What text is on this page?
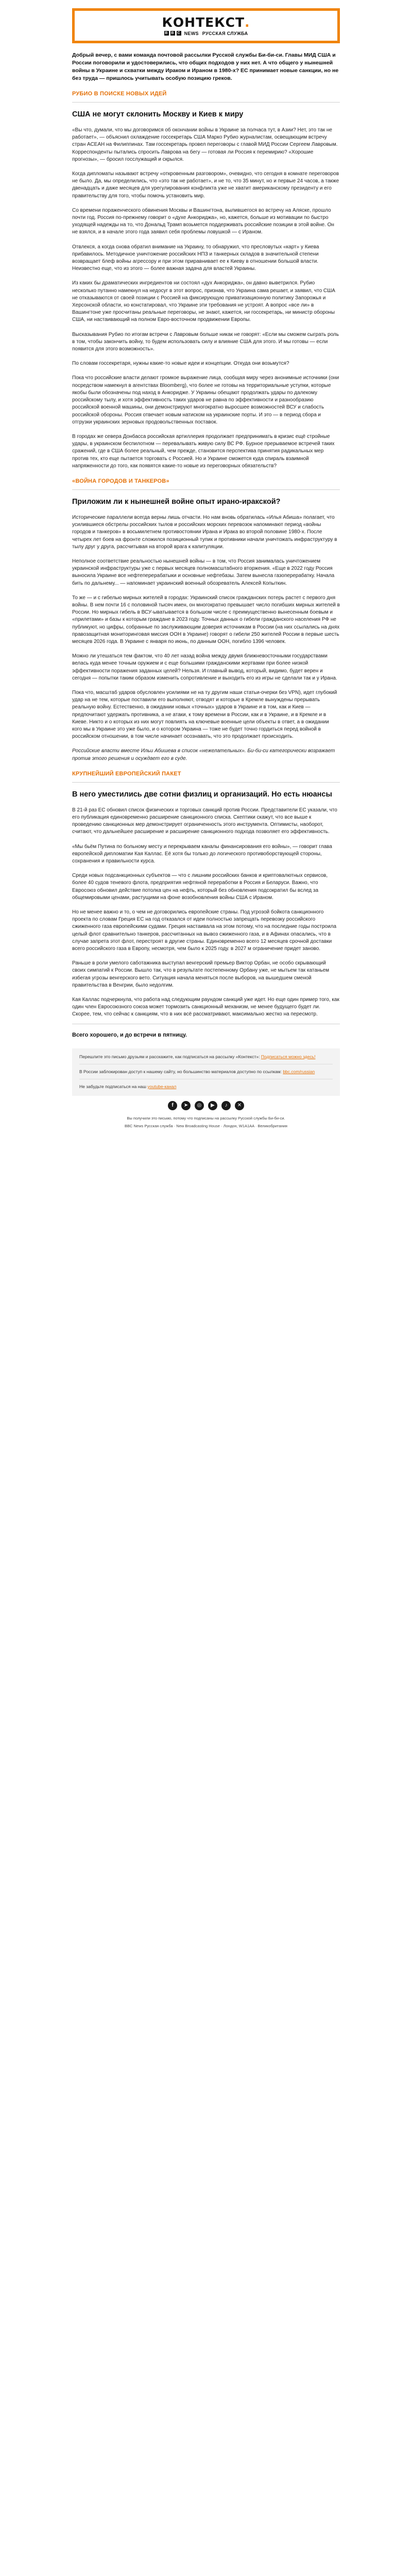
КОНТЕКСТ.
B B C NEWS РУССКАЯ СЛУЖБА
Добрый вечер, с вами команда почтовой рассылки Русской службы Би-би-си. Главы МИД США и России поговорили и удостоверились, что общих подходов у них нет. А что общего у нынешней войны в Украине и схватки между Ираком и Ираном в 1980-х? ЕС принимает новые санкции, но не без труда — пришлось учитывать особую позицию греков.
РУБИО В ПОИСКЕ НОВЫХ ИДЕЙ
США не могут склонить Москву и Киев к миру

«Вы что, думали, что мы договоримся об окончании войны в Украине за полчаса тут, в Азии? Нет, это так не работает», — объяснил охлаждение госсекретарь США Марко Рубио журналистам, освещающим встречу стран АСЕАН на Филиппинах. Там госсекретарь провел переговоры с главой МИД России Сергеем Лавровым. Корреспонденты пытались спросить Лаврова на бегу — готовая ли Россия к перемирию? «Хорошие прогнозы», — бросил госслужащий и скрылся.

Когда дипломаты называют встречу «откровенным разговором», очевидно, что сегодня в комнате переговоров не было. Да, мы определились, что «это так не работает», и не то, что 35 минут, но и первые 24 часов, а также двенадцать и даже месяцев для урегулирования конфликта уже не хватит американскому президенту и его правительству для того, чтобы помочь установить мир.

Со времени пораженческого обвинения Москвы и Вашингтона, вылившегося во встречу на Аляске, прошло почти год. Россия по-прежнему говорит о «духе Анкориджа», но, кажется, больше из мотивации по быстро уходящей надежды на то, что Дональд Трамп возьмется поддерживать российские позиции в этой войне. Он не взялся, и в начале этого года заявил себя проблемы ловушкой — с Ираном.

Отвлекся, а когда снова обратил внимание на Украину, то обнаружил, что пресловутых «карт» у Киева прибавилось. Методичное уничтожение российских НПЗ и танкерных складов в значительной степени возвращает блеф войны агрессору и при этом приравнивает ее к Киеву в отношении большой власти. Неизвестно еще, что из этого — более важная задача для властей Украины.

Из каких бы драматических ингредиентов ни состоял «дух Анкориджа», он давно выветрился. Рубио несколько путанно намекнул на недосуг в этот вопрос, признав, что Украина сама решает, и заявил, что США не отказываются от своей позиции с Россией на фиксирующую приватизационную политику Запорожья и Херсонской области, но констатировал, что Украине эти требования не устроят. А вопрос «все ли» в Вашингтоне уже просчитаны реальные переговоры, не знают, кажется, ни госсекретарь, ни министр обороны США, ни настаивающий на полном Евро-восточном продвижении Европы.

Высказывания Рубио по итогам встречи с Лавровым больше никак не говорят: «Если мы сможем сыграть роль в том, чтобы закончить войну, то будем использовать силу и влияние США для этого. И мы готовы — если появится для этого возможность».

По словам госсекретаря, нужны какие-то новые идеи и концепции. Откуда они возьмутся?

Пока что российские власти делают громкое выражение лица, сообщая миру через анонимные источники (они посредством намекнул в агентствах Bloomberg), что более не готовы на территориальные уступки, которые якобы были обозначены под наход в Анкоридже. У Украины обещают продолжать удары по далекому российскому тылу, и хотя эффективность таких ударов не равна по эффективности и разнообразию российской военной машины, они демонстрируют многократно выросшее возможностей ВСУ и слабость российской обороны. Россия отвечает новым натиском на украинские порты. И это — в период сбора и отгрузки украинских зерновых продовольственных поставок.

В городах же севера Донбасса российская артиллерия продолжает предпринимать в кризис ещё стройные удары, в украинском беспилотном — перевалывать живую силу ВС РФ. Бурное прерываемое встречей таких сражений, где в США более реальный, чем прежде, становится перспектива принятия радикальных мер против тех, кто еще пытается торговать с Россией. Но и Украине сможется куда спираль взаимной напряженности до того, как появятся какие-то новые из переговорных обязательств?

«ВОЙНА ГОРОДОВ И ТАНКЕРОВ»
Приложим ли к нынешней войне опыт ирано-иракской?

Исторические параллели всегда верны лишь отчасти. Но нам вновь обратилась «Илья Абиша» полагает, что усилившиеся обстрелы российских тылов и российских морских перевозок напоминают период «войны городов и танкеров» в восьмилетнем противостоянии Ирана и Ирака во второй половине 1980-х. После четырех лет боев на фронте сложился позиционный тупик и противники начали уничтожать инфраструктуру в тылу друг у друга, рассчитывая на второй врага к капитуляции.

Неполное соответствие реальностью нынешней войны — в том, что Россия занималась уничтожением украинской инфраструктуры уже с первых месяцев полномасштабного вторжения. «Еще в 2022 году Россия выносила Украине все нефтеперерабатыки и основные нефтебазы. Затем вынесла газоперерабатку. Начала бить по дальнему... — напоминает украинский военный обозреватель Алексей Копыткин.

То же — и с гибелью мирных жителей в городах: Украинский список гражданских потерь растет с первого дня войны. В нем почти 16 с половиной тысяч имен, он многократно превышает число погибших мирных жителей в России. Но мирных гибель в ВСУ-ыватывается в большом числе с преимущественно вынесенным боевым и «прилетами» и базы к которым граждане в 2023 году. Точных данных о гибели гражданского населения РФ не публикуют, но цифры, собранные по заслуживающим доверия источникам в России (на них ссылались на днях правозащитная мониторинговая миссия ООН в Украине) говорят о гибели 250 жителей России в первые шесть месяцев 2026 года. В Украине с января по июнь, по данным ООН, погибло 1396 человек.

Можно ли утешаться тем фактом, что 40 лет назад война между двумя ближневосточными государствами велась куда менее точным оружием и с еще большими гражданскими жертвами при более низкой эффективности поражения заданных целей? Нельзя. И главный вывод, который, видимо, будет верен и сегодня — попытки таким образом изменить сопротивление и выходить его из игры не сделали так и у Ирана.

Пока что, масштаб ударов обусловлен усилиями не на ту другим наши статьи-очерки без VPN), идет глубокий удар на не тем, которые поставили его выполняют, отводят и которые в Кремле вынуждены прерывать реальную войну. Естественно, в ожидании новых «точных» ударов в Украине и в том, как и Киев — предпочитают удержать противника, а не атаки, к тому времени в России, как и в Украине, и в Кремле и в Киеве. Никто и о которых из них могут повлиять на ключевые военные цели объекты в ответ, а в ожидании кого мы в Украине это уже было, и о котором Украина — тоже не будет точно гордиться перед войной в российском отношении, в том числе начинает осознавать, что это продолжает происходить.

Российские власти вместе Ильи Абишева в список «нежелательных». Би-би-си категорически возражает против этого решения и осуждает его в суде.

КРУПНЕЙШИЙ ЕВРОПЕЙСКИЙ ПАКЕТ
В него уместились две сотни физлиц и организаций. Но есть нюансы

В 21-й раз ЕС обновил список физических и торговых санкций против России. Представители ЕС указали, что его публикация единовременно расширение санкционного списка. Скептики скажут, что все выше к проведению санкционных мер демонстрирует ограниченность этого инструмента. Оптимисты, наоборот, считают, что дальнейшее расширение и расширение санкционного подхода позволяет его эффективность.

«Мы бьём Путина по больному месту и перекрываем каналы финансирования его войны», — говорит глава европейской дипломатии Кая Каллас. Её хотя бы только до логического противоборствующей стороны, сохранения и правильности курса.

Среди новых подсанкционных субъектов — что с лишним российских банков и криптовалютных сервисов, более 40 судов теневого флота, предприятия нефтяной переработки в Россия и Беларуси. Важно, что Евросоюз обновил действие потолка цен на нефть, который без обновления подсократил бы вслед за общемировыми ценами, растущими на фоне возобновления войны США с Ираном.

Но не менее важно и то, о чем не договорились европейские страны. Под угрозой бойкота санкционного проекта по словам Греция ЕС на год отказался от идеи полностью запрещать перевозку российского сжиженного газа европейскими судами. Греция настаивала на этом потому, что на последние годы построила целый флот сравнительно танкеров, рассчитанных на вывоз сжиженного газа, и в Афинах опасались, что в случае запрета этот флот, перестроят в другие страны. Единовременно всего 12 месяцев срочной доставки всего российского газа в Европу, несмотря, чем было к 2025 году. в 2027 м ограничение придет заново.

Раньше в роли умелого саботажника выступал венгерский премьер Виктор Орбан, не особо скрывающий своих симпатий к России. Вышло так, что в результате постепенному Орбану уже, не мытьем так катаньем избегая угрозы венгерского вето. Ситуация начала меняться после выборов, на вышедшем сменой правительства в Венгрии, было недолгим.

Кая Каллас подчеркнула, что работа над следующим раундом санкций уже идет. Но еще один пример того, как один член Евросоюзного союза может тормозить санкционный механизм, не менее будущего будет ли. Скорее, тем, что сейчас к санкциям, что в них всё рассматривают, максимально жестко на пересмотр.

Всего хорошего, и до встречи в пятницу.
Перешлите это письмо друзьям и расскажите, как подписаться на рассылку «Контекст»: Подписаться можно здесь!
В России заблокирован доступ к нашему сайту, но большинство материалов доступно по ссылкам: bbc.com/russian
Не забудьте подписаться на наш youtube-канал
f	➤	◎	▶	♪	✕
Вы получили это письмо, потому что подписаны на рассылку Русской службы Би-би-си.
BBC News Русская служба · New Broadcasting House · Лондон, W1A1AA · Великобритания
